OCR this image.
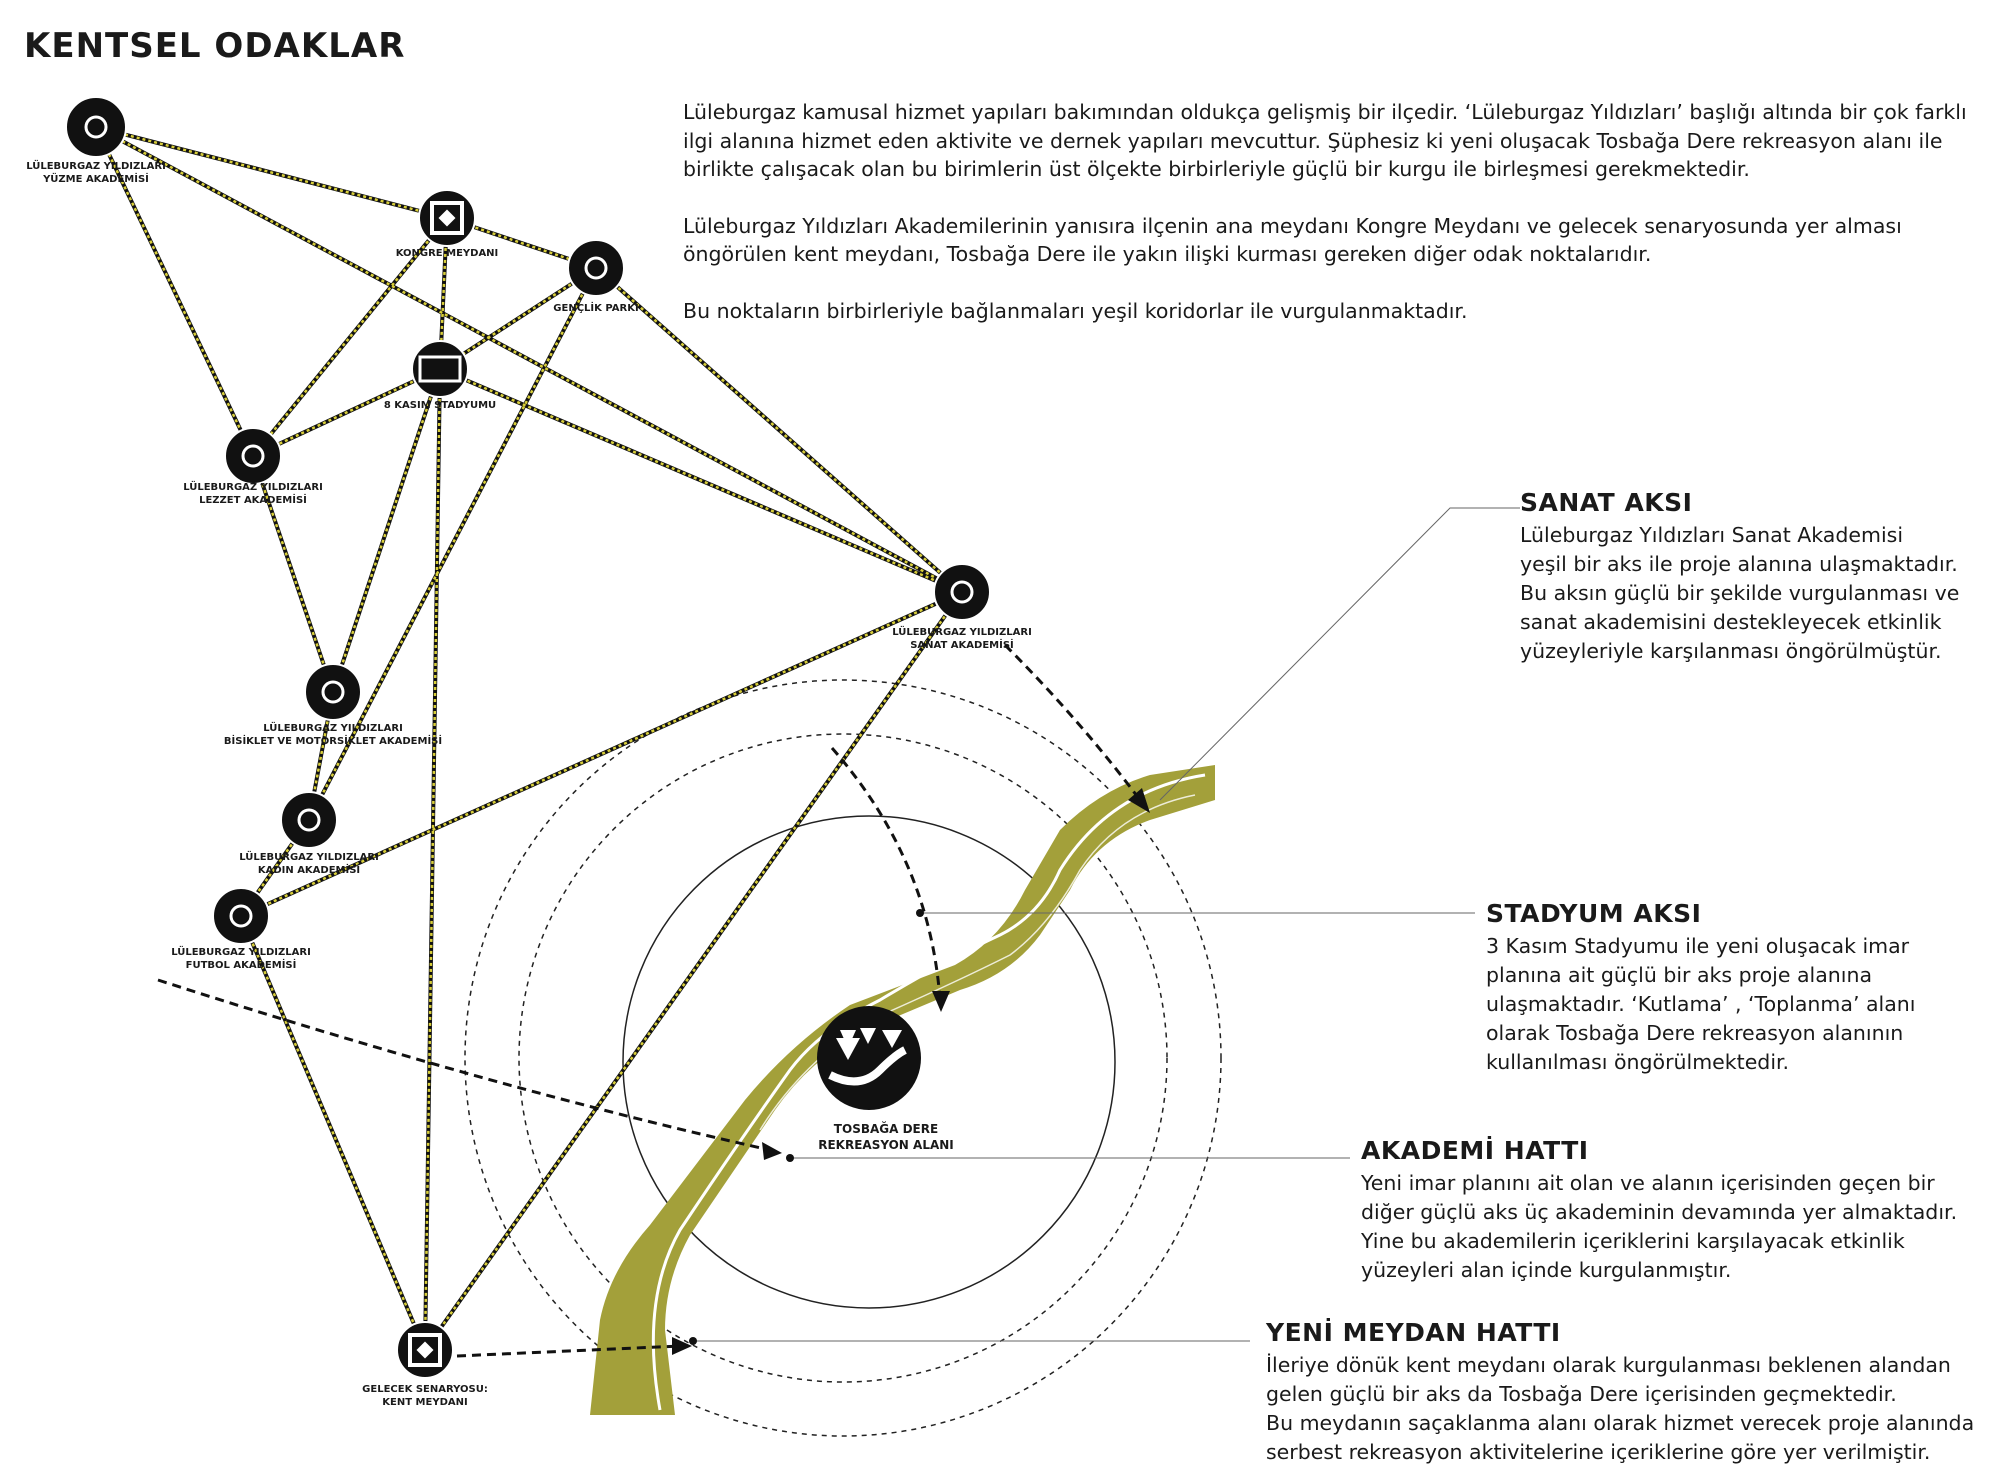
KENTSEL ODAKLAR

Lüleburgaz kamusal hizmet yapıları bakımından oldukça gelişmiş bir ilçedir. ‘Lüleburgaz Yıldızları’ başlığı altında bir çok farklı ilgi alanına hizmet eden aktivite ve dernek yapıları mevcuttur. Şüphesiz ki yeni oluşacak Tosbağa Dere rekreasyon alanı ile birlikte çalışacak olan bu birimlerin üst ölçekte birbirleriyle güçlü bir kurgu ile birleşmesi gerekmektedir.

Lüleburgaz Yıldızları Akademilerinin yanısıra ilçenin ana meydanı Kongre Meydanı ve gelecek senaryosunda yer alması öngörülen kent meydanı, Tosbağa Dere ile yakın ilişki kurması gereken diğer odak noktalarıdır.

Bu noktaların birbirleriyle bağlanmaları yeşil koridorlar ile vurgulanmaktadır.

LÜLEBURGAZ YILDIZLARI
YÜZME AKADEMİSİ
KONGRE MEYDANI
GENÇLİK PARKI
8 KASIM STADYUMU
LÜLEBURGAZ YILDIZLARI
LEZZET AKADEMİSİ
LÜLEBURGAZ YILDIZLARI
SANAT AKADEMİSİ
LÜLEBURGAZ YILDIZLARI
BİSİKLET VE MOTORSİKLET AKADEMİSİ
LÜLEBURGAZ YILDIZLARI
KADIN AKADEMİSİ
LÜLEBURGAZ YILDIZLARI
FUTBOL AKADEMİSİ
GELECEK SENARYOSU:
KENT MEYDANI
TOSBAĞA DERE
REKREASYON ALANI
SANAT AKSI

Lüleburgaz Yıldızları Sanat Akademisi
yeşil bir aks ile proje alanına ulaşmaktadır.
Bu aksın güçlü bir şekilde vurgulanması ve
sanat akademisini destekleyecek etkinlik
yüzeyleriyle karşılanması öngörülmüştür.

STADYUM AKSI

3 Kasım Stadyumu ile yeni oluşacak imar
planına ait güçlü bir aks proje alanına
ulaşmaktadır. ‘Kutlama’ , ‘Toplanma’ alanı
olarak Tosbağa Dere rekreasyon alanının
kullanılması öngörülmektedir.

AKADEMİ HATTI

Yeni imar planını ait olan ve alanın içerisinden geçen bir
diğer güçlü aks üç akademinin devamında yer almaktadır.
Yine bu akademilerin içeriklerini karşılayacak etkinlik
yüzeyleri alan içinde kurgulanmıştır.

YENİ MEYDAN HATTI

İleriye dönük kent meydanı olarak kurgulanması beklenen alandan
gelen güçlü bir aks da Tosbağa Dere içerisinden geçmektedir.
Bu meydanın saçaklanma alanı olarak hizmet verecek proje alanında
serbest rekreasyon aktivitelerine içeriklerine göre yer verilmiştir.
